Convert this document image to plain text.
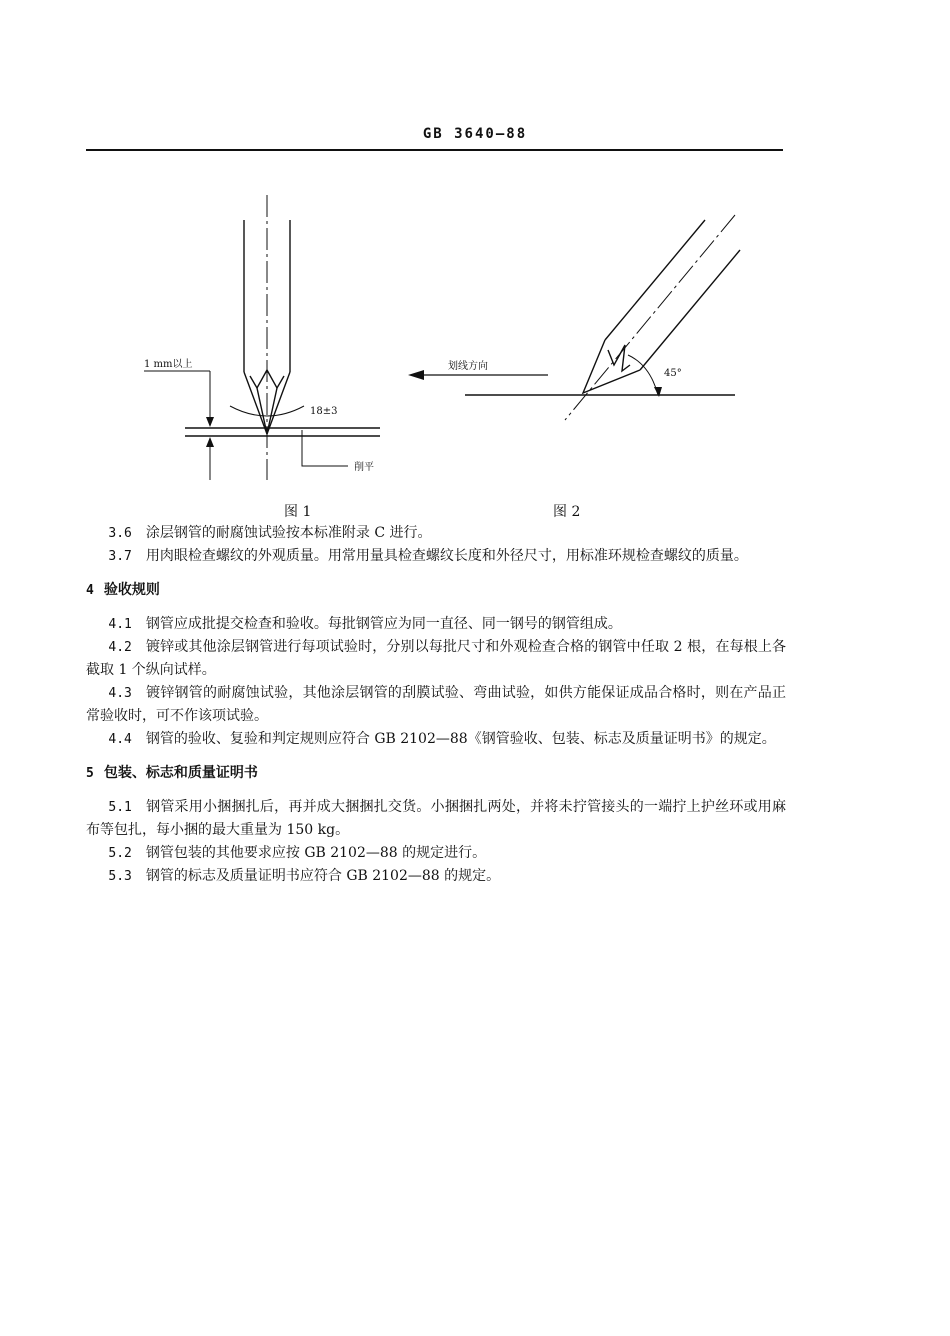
GB 3640—88
1 mm以上
18±3
削平
划线方向
45°
图 1	图 2

3.6 涂层钢管的耐腐蚀试验按本标准附录 C 进行。

3.7 用肉眼检查螺纹的外观质量。用常用量具检查螺纹长度和外径尺寸，用标准环规检查螺纹的质量。

4 验收规则

4.1 钢管应成批提交检查和验收。每批钢管应为同一直径、同一钢号的钢管组成。

4.2 镀锌或其他涂层钢管进行每项试验时，分别以每批尺寸和外观检查合格的钢管中任取 2 根，在每根上各截取 1 个纵向试样。

4.3 镀锌钢管的耐腐蚀试验，其他涂层钢管的刮膜试验、弯曲试验，如供方能保证成品合格时，则在产品正常验收时，可不作该项试验。

4.4 钢管的验收、复验和判定规则应符合 GB 2102—88《钢管验收、包装、标志及质量证明书》的规定。

5 包装、标志和质量证明书

5.1 钢管采用小捆捆扎后，再并成大捆捆扎交货。小捆捆扎两处，并将未拧管接头的一端拧上护丝环或用麻布等包扎，每小捆的最大重量为 150 kg。

5.2 钢管包装的其他要求应按 GB 2102—88 的规定进行。

5.3 钢管的标志及质量证明书应符合 GB 2102—88 的规定。
